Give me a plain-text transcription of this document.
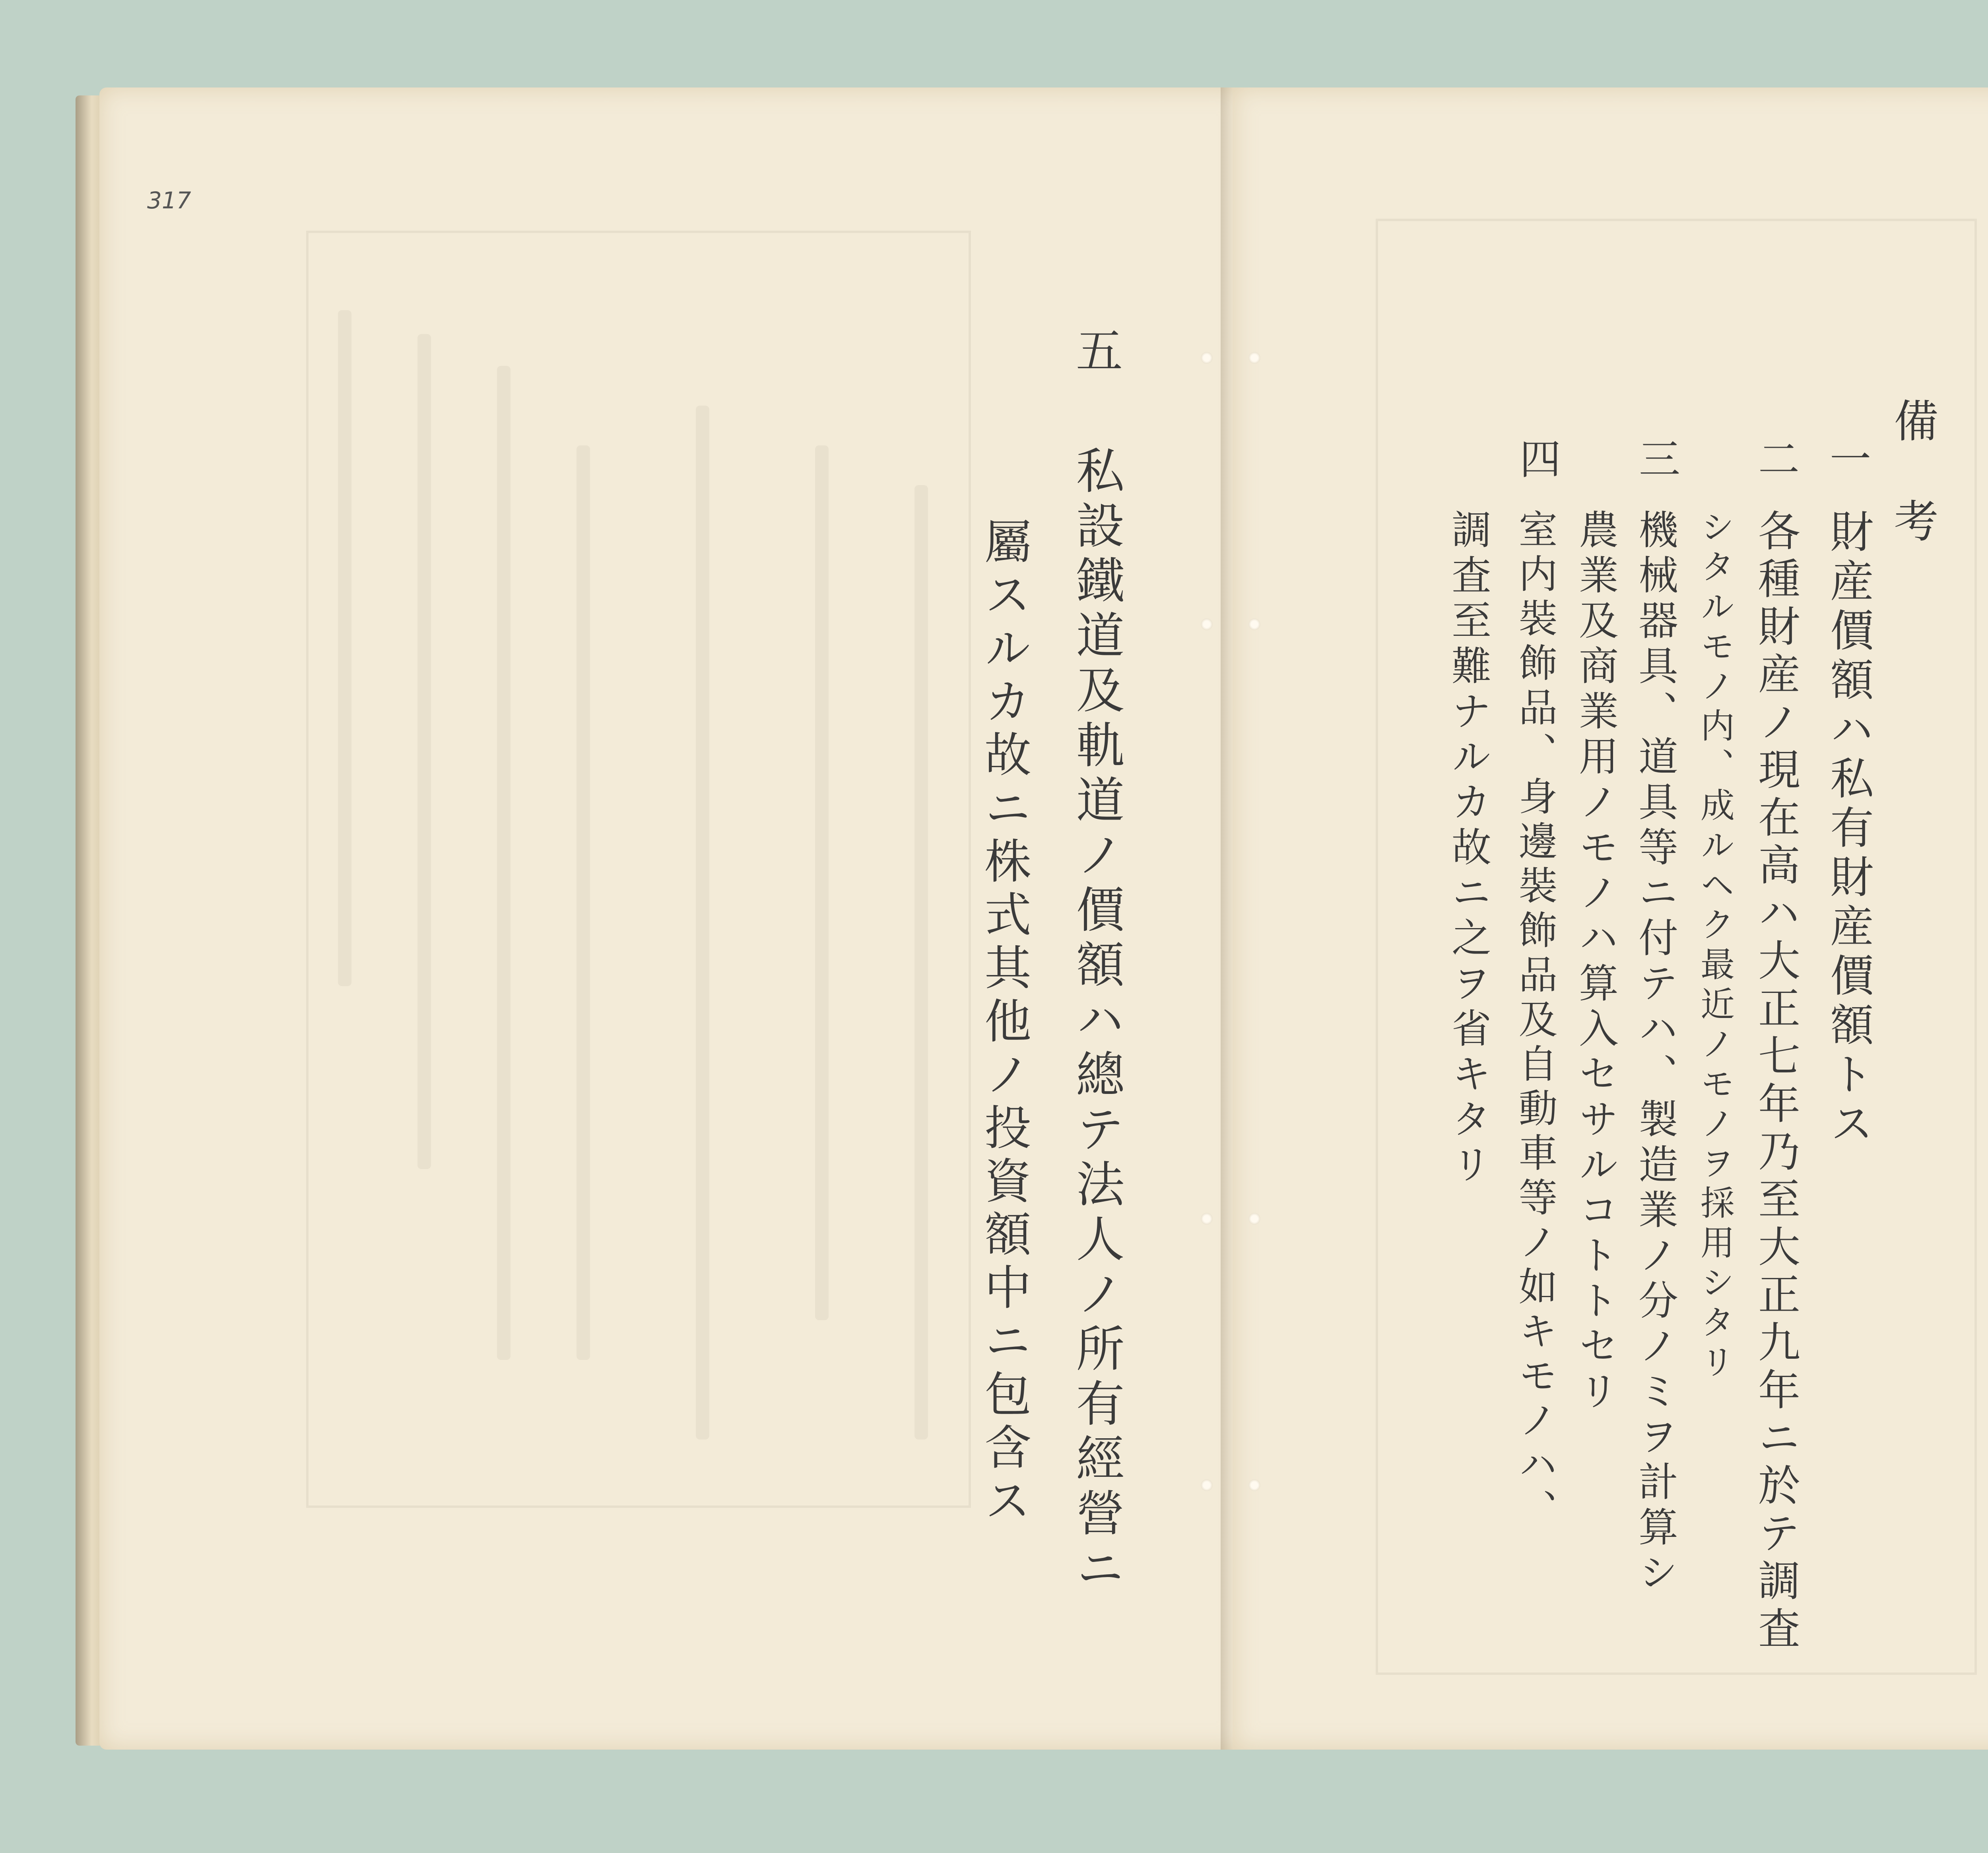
317
五
私設鐵道及軌道ノ價額ハ總テ法人ノ所有經營ニ
屬スルカ故ニ株式其他ノ投資額中ニ包含ス
備　考
一
財産價額ハ私有財産價額トス
二
各種財産ノ現在高ハ大正七年乃至大正九年ニ於テ調査
シタルモノ内、成ルヘク最近ノモノヲ採用シタリ
三
機械器具、道具等ニ付テハ、製造業ノ分ノミヲ計算シ
農業及商業用ノモノハ算入セサルコトトセリ
四
室内裝飾品、身邊裝飾品及自動車等ノ如キモノハ、
調査至難ナルカ故ニ之ヲ省キタリ
